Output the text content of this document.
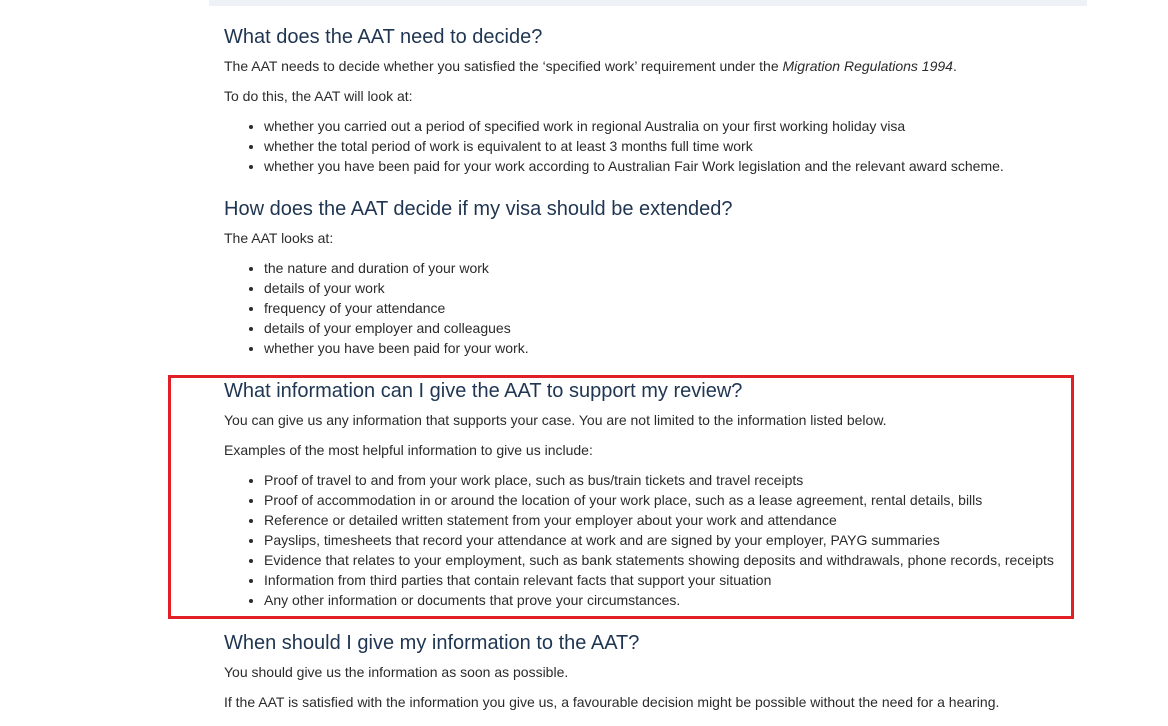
What does the AAT need to decide?

The AAT needs to decide whether you satisfied the ‘specified work’ requirement under the Migration Regulations 1994.

To do this, the AAT will look at:

• whether you carried out a period of specified work in regional Australia on your first working holiday visa
• whether the total period of work is equivalent to at least 3 months full time work
• whether you have been paid for your work according to Australian Fair Work legislation and the relevant award scheme.
How does the AAT decide if my visa should be extended?

The AAT looks at:

• the nature and duration of your work
• details of your work
• frequency of your attendance
• details of your employer and colleagues
• whether you have been paid for your work.
What information can I give the AAT to support my review?

You can give us any information that supports your case. You are not limited to the information listed below.

Examples of the most helpful information to give us include:

• Proof of travel to and from your work place, such as bus/train tickets and travel receipts
• Proof of accommodation in or around the location of your work place, such as a lease agreement, rental details, bills
• Reference or detailed written statement from your employer about your work and attendance
• Payslips, timesheets that record your attendance at work and are signed by your employer, PAYG summaries
• Evidence that relates to your employment, such as bank statements showing deposits and withdrawals, phone records, receipts
• Information from third parties that contain relevant facts that support your situation
• Any other information or documents that prove your circumstances.
When should I give my information to the AAT?

You should give us the information as soon as possible.

If the AAT is satisfied with the information you give us, a favourable decision might be possible without the need for a hearing.
